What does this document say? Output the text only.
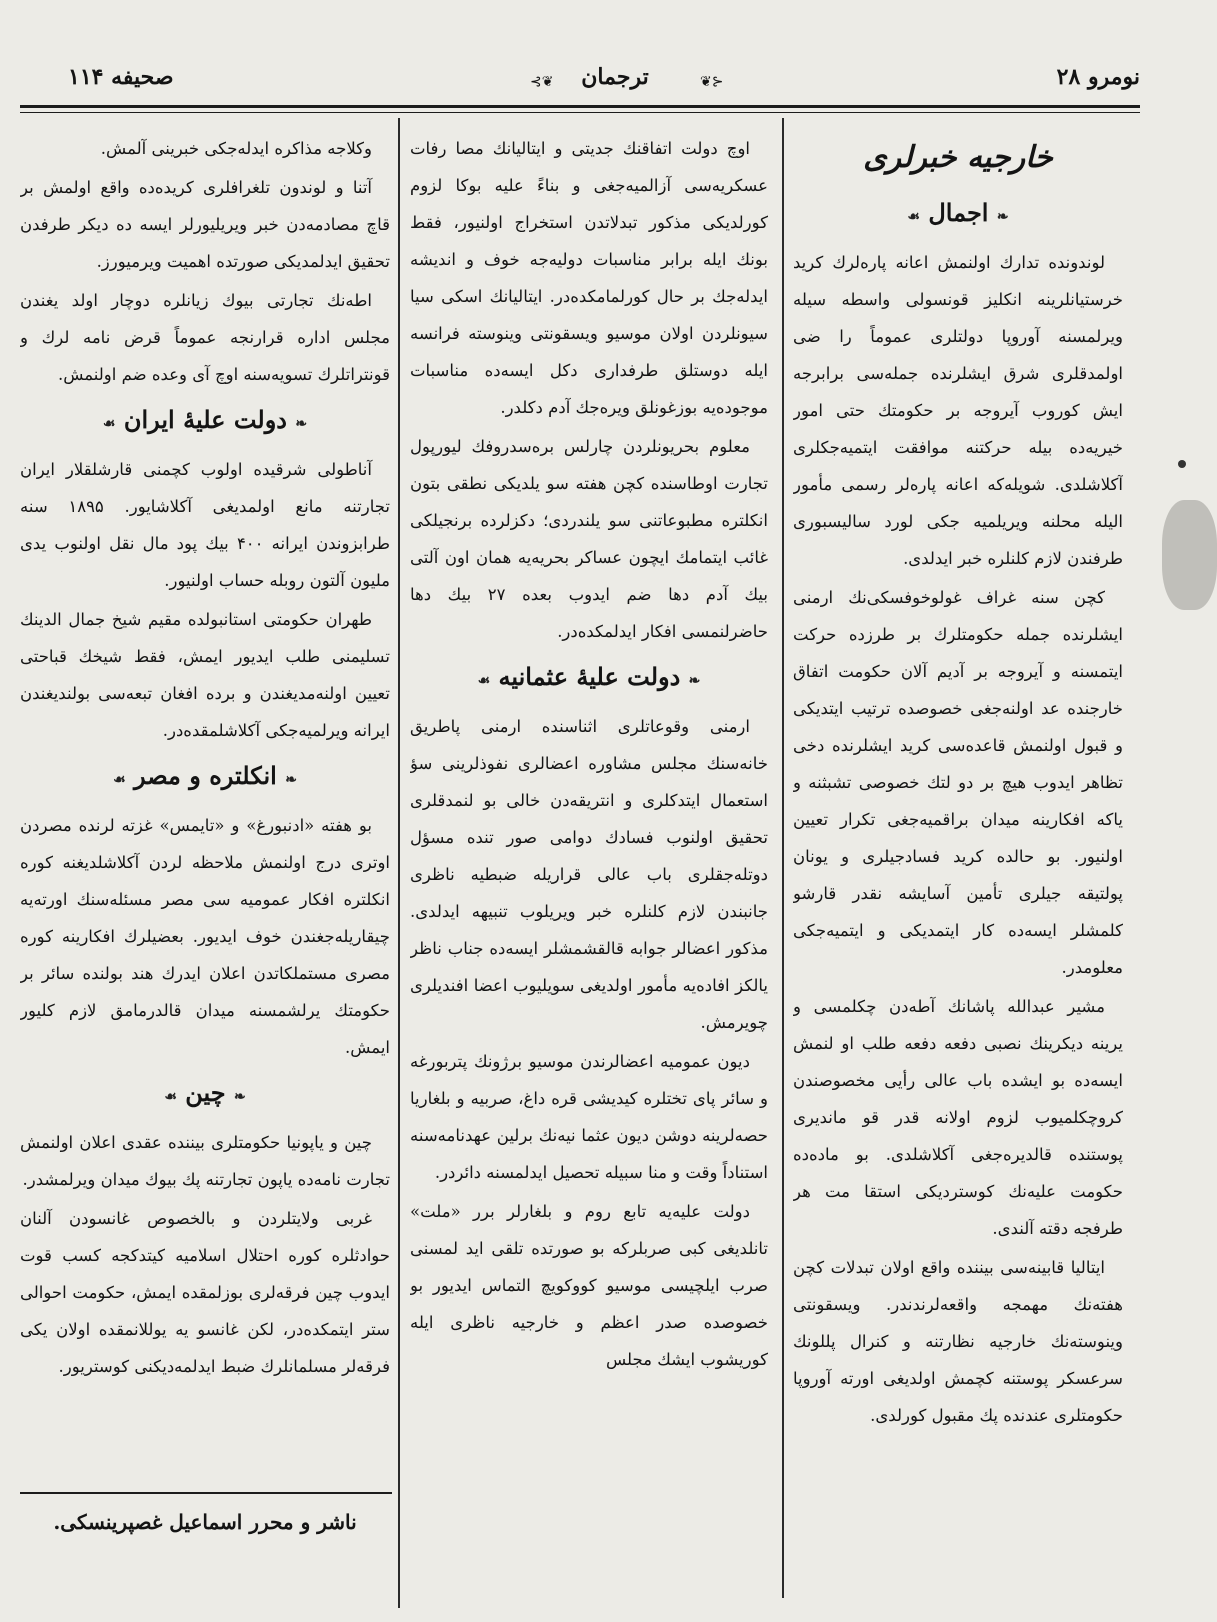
صحیفه ۱۱۴	⊰❦	ترجمان	❦⊱	نومرو ۲۸
خارجیه خبرلری
❧ اجمال ☙

لوندونده تدارك اولنمش اعانه پاره‌لرك كريد خرستيانلرينه انكليز قونسولی واسطه سيله ويرلمسنه آوروپا دولتلری عموماً را ضی اولمدقلری شرق ايشلرنده جمله‌سی برابرجه ايش كوروب آيروجه بر حكومتك حتی امور خيريه‌ده بيله حركتنه موافقت ايتميه‌جكلری آكلاشلدی. شويله‌كه اعانه پاره‌لر رسمی مأمور اليله محلنه ويريلميه جكی لورد ساليسبوری طرفندن لازم كلنلره خبر ايدلدی.

كچن سنه غراف غولوخوفسكی‌نك ارمنی ايشلرنده جمله حكومتلرك بر طرزده حركت ايتمسنه و آيروجه بر آديم آلان حكومت اتفاق خارجنده عد اولنه‌جغی خصوصده ترتيب ايتديكی و قبول اولنمش قاعده‌سی كريد ايشلرنده دخی تظاهر ايدوب هيچ بر دو لتك خصوصی تشبثنه و ياكه افكارينه ميدان براقميه‌جغی تكرار تعيين اولنيور. بو حالده كريد فسادجيلری و يونان پولتيقه جيلری تأمين آسايشه نقدر قارشو كلمشلر ايسه‌ده كار ايتمديكی و ايتميه‌جكی معلومدر.

مشير عبدالله پاشانك آطه‌دن چكلمسی و يرينه ديكرينك نصبی دفعه دفعه طلب او لنمش ايسه‌ده بو ايشده باب عالی رأيی مخصوصندن كروچكلميوب لزوم اولانه قدر قو ماندیری پوستنده قالديره‌جغی آكلاشلدی. بو ماده‌ده حكومت عليه‌نك كوسترديكی استقا مت هر طرفجه دقته آلندی.

ايتاليا قابينه‌سی بيننده واقع اولان تبدلات كچن هفته‌نك مهمجه واقعه‌لرندندر. ويسقونتی وينوسته‌نك خارجيه نظارتنه و كنرال پللونك سرعسكر پوستنه كچمش اولديغی اورته آوروپا حكومتلری عندنده پك مقبول كورلدی.

اوچ دولت اتفاقنك جديتی و ايتاليانك مصا رفات عسكريه‌سی آزالميه‌جغی و بناءً عليه بوكا لزوم كورلديكی مذكور تبدلاتدن استخراج اولنيور، فقط بونك ايله برابر مناسبات دوليه‌جه خوف و انديشه ايدله‌جك بر حال كورلمامكده‌در. ايتاليانك اسكی سيا سيونلردن اولان موسيو ويسقونتی وينوسته فرانسه ايله دوستلق طرفداری دكل ايسه‌ده مناسبات موجوده‌يه بوزغونلق ويره‌جك آدم دكلدر.

معلوم بحريونلردن چارلس برەسدروفك ليورپول تجارت اوطاسنده كچن هفته سو يلديكی نطقی بتون انكلتره مطبوعاتنی سو يلندردی؛ دكزلرده برنجيلكی غائب ايتمامك ايچون عساكر بحريه‌يه همان اون آلتی بيك آدم دها ضم ايدوب بعده ۲۷ بيك دها حاضرلنمسی افكار ايدلمكده‌در.

❧ دولت عليهٔ عثمانيه ☙

ارمنی وقوعاتلری اثناسنده ارمنی پاطريق خانه‌سنك مجلس مشاوره اعضالری نفوذلرينی سؤ استعمال ايتدكلری و انتريقه‌دن خالی بو لنمدقلری تحقيق اولنوب فسادك دوامی صور تنده مسؤل دوتله‌جقلری باب عالی قراريله ضبطيه ناظری جانبندن لازم كلنلره خبر ويريلوب تنبيهه ايدلدی. مذكور اعضالر جوابه قالقشمشلر ايسه‌ده جناب ناظر يالكز افاده‌يه مأمور اولديغی سويليوب اعضا افنديلری چويرمش.

ديون عموميه اعضالرندن موسيو برژونك پتربورغه و سائر پای تختلره كيديشی قره داغ، صربيه و بلغاريا حصه‌لرينه دوشن ديون عثما نيه‌نك برلين عهدنامه‌سنه استناداً وقت و منا سبيله تحصيل ايدلمسنه دائردر.

دولت عليه‌يه تابع روم و بلغارلر برر «ملت» تانلديغی كبی صربلركه بو صورتده تلقی ايد لمسنی صرب ايلچيسی موسيو كووكويچ التماس ايديور بو خصوصده صدر اعظم و خارجيه ناظری ايله كوريشوب ايشك مجلس

وكلاجه مذاكره ايدله‌جكی خبرينی آلمش.

آتنا و لوندون تلغرافلری كريده‌ده واقع اولمش بر قاچ مصادمه‌دن خبر ويريليورلر ايسه ده ديكر طرفدن تحقيق ايدلمديكی صورتده اهميت ويرميورز.

اطه‌نك تجارتی بيوك زيانلره دوچار اولد يغندن مجلس اداره قرارنجه عموماً قرض نامه لرك و قونتراتلرك تسويه‌سنه اوچ آی وعده ضم اولنمش.

❧ دولت عليهٔ ايران ☙

آناطولی شرقيده اولوب كچمنی قارشلقلار ايران تجارتنه مانع اولمديغی آكلاشايور. ۱۸۹۵ سنه طرابزوندن ايرانه ۴۰۰ بيك پود مال نقل اولنوب يدی مليون آلتون روبله حساب اولنيور.

طهران حكومتی استانبولده مقيم شيخ جمال الدينك تسليمنی طلب ايديور ايمش، فقط شيخك قباحتی تعيين اولنه‌مديغندن و برده افغان تبعه‌سی بولنديغندن ايرانه ويرلميه‌جكی آكلاشلمقده‌در.

❧ انكلتره و مصر ☙

بو هفته «ادنبورغ» و «تايمس» غزته لرنده مصردن اوتری درج اولنمش ملاحظه لردن آكلاشلديغنه كوره انكلتره افكار عموميه سی مصر مسئله‌سنك اورته‌يه چيقاريله‌جغندن خوف ايديور. بعضيلرك افكارينه كوره مصری مستملكاتدن اعلان ايدرك هند بولنده سائر بر حكومتك يرلشمسنه ميدان قالدرمامق لازم كليور ايمش.

❧ چين ☙

چين و ياپونيا حكومتلری بيننده عقدی اعلان اولنمش تجارت نامه‌ده ياپون تجارتنه پك بيوك ميدان ويرلمشدر.

غربی ولايتلردن و بالخصوص غانسودن آلنان حوادثلره كوره احتلال اسلاميه كيتدكجه كسب قوت ايدوب چين فرقه‌لری بوزلمقده ايمش، حكومت احوالی ستر ايتمكده‌در، لكن غانسو يه يوللانمقده اولان يكی فرقه‌لر مسلمانلرك ضبط ايدلمه‌ديكنی كوستريور.

ناشر و محرر اسماعيل غصپرينسكی.
